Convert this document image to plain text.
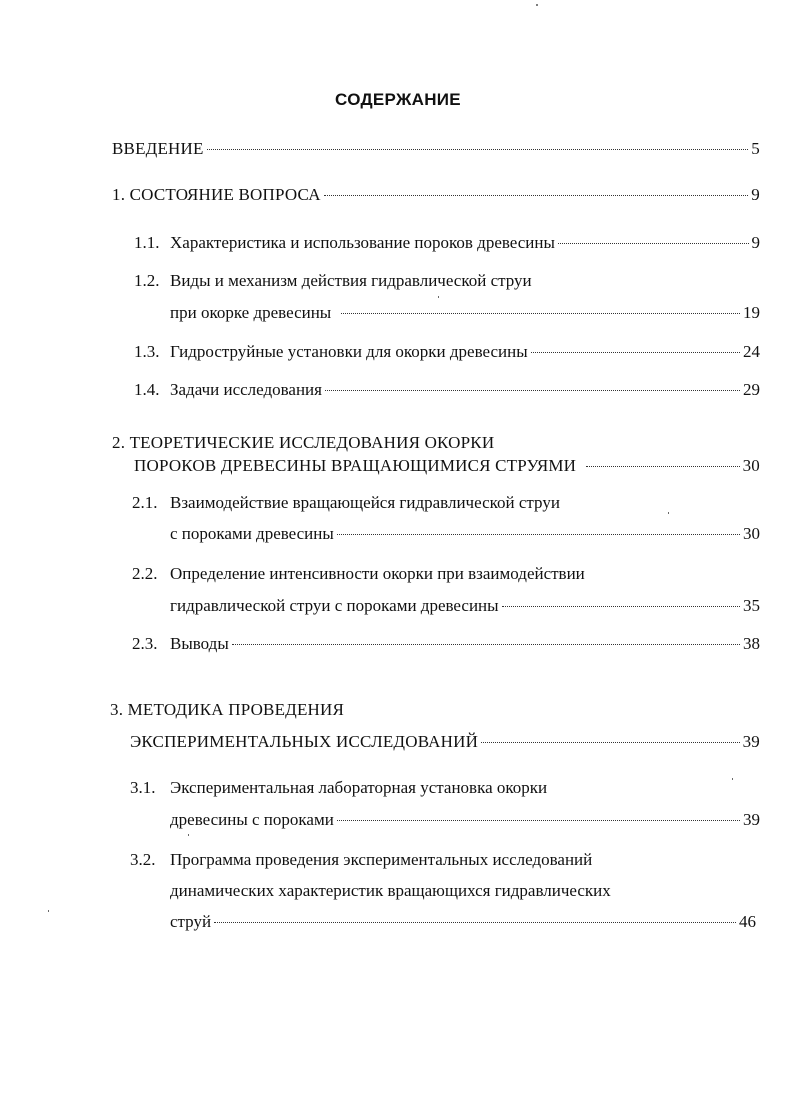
СОДЕРЖАНИЕ
ВВЕДЕНИЕ	5
1. СОСТОЯНИЕ ВОПРОСА	9
1.1. Характеристика и использование пороков древесины	9
1.2. Виды и механизм действия гидравлической струи
при окорке древесины	19
1.3. Гидроструйные установки для окорки древесины	24
1.4. Задачи исследования	29
2. ТЕОРЕТИЧЕСКИЕ ИССЛЕДОВАНИЯ ОКОРКИ
ПОРОКОВ ДРЕВЕСИНЫ ВРАЩАЮЩИМИСЯ СТРУЯМИ	30
2.1. Взаимодействие вращающейся гидравлической струи
с пороками древесины	30
2.2. Определение интенсивности окорки при взаимодействии
гидравлической струи с пороками древесины	35
2.3. Выводы	38
3. МЕТОДИКА ПРОВЕДЕНИЯ
ЭКСПЕРИМЕНТАЛЬНЫХ ИССЛЕДОВАНИЙ	39
3.1. Экспериментальная лабораторная установка окорки
древесины с пороками	39
3.2. Программа проведения экспериментальных исследований
динамических характеристик вращающихся гидравлических
струй	46
